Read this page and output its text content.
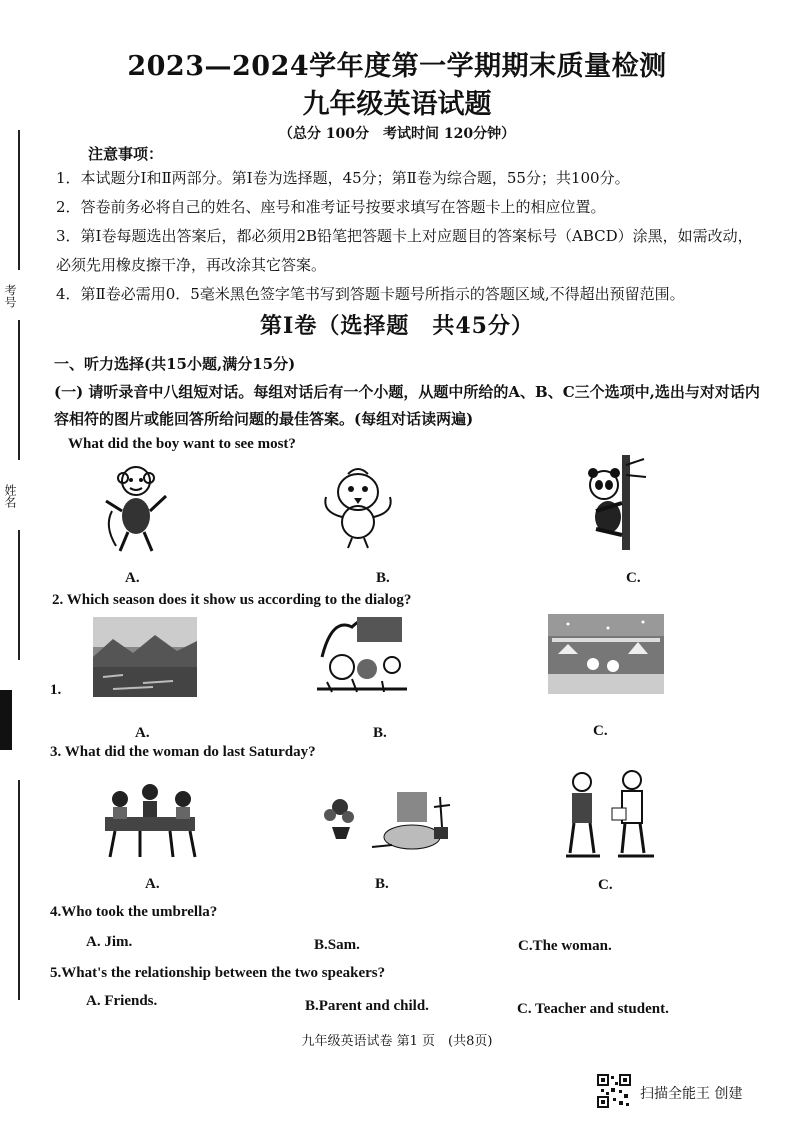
考号
姓名
2023—2024学年度第一学期期末质量检测
九年级英语试题
（总分 100分　考试时间 120分钟）
注意事项：
1．本试题分Ⅰ和Ⅱ两部分。第Ⅰ卷为选择题，45分；第Ⅱ卷为综合题，55分；共100分。
2．答卷前务必将自己的姓名、座号和准考证号按要求填写在答题卡上的相应位置。
3．第Ⅰ卷每题选出答案后，都必须用2B铅笔把答题卡上对应题目的答案标号（ABCD）涂黑，如需改动，必须先用橡皮擦干净，再改涂其它答案。
4．第Ⅱ卷必需用0．5毫米黑色签字笔书写到答题卡题号所指示的答题区域,不得超出预留范围。
第Ⅰ卷（选择题　共45分）
一、听力选择(共15小题,满分15分)
(一) 请听录音中八组短对话。每组对话后有一个小题，从题中所给的A、B、C三个选项中,选出与对对话内容相符的图片或能回答所给问题的最佳答案。(每组对话读两遍)
What did the boy want to see most?
A.	B.	C.
2. Which season does it show us according to the dialog?
1.
A.	B.	C.
3. What did the woman do last Saturday?
A.	B.	C.
4.Who took the umbrella?
A. Jim.	B.Sam.	C.The woman.
5.What's the relationship between the two speakers?
A. Friends.	B.Parent and child.	C. Teacher and student.
九年级英语试卷 第1 页　(共8页)
扫描全能王 创建
